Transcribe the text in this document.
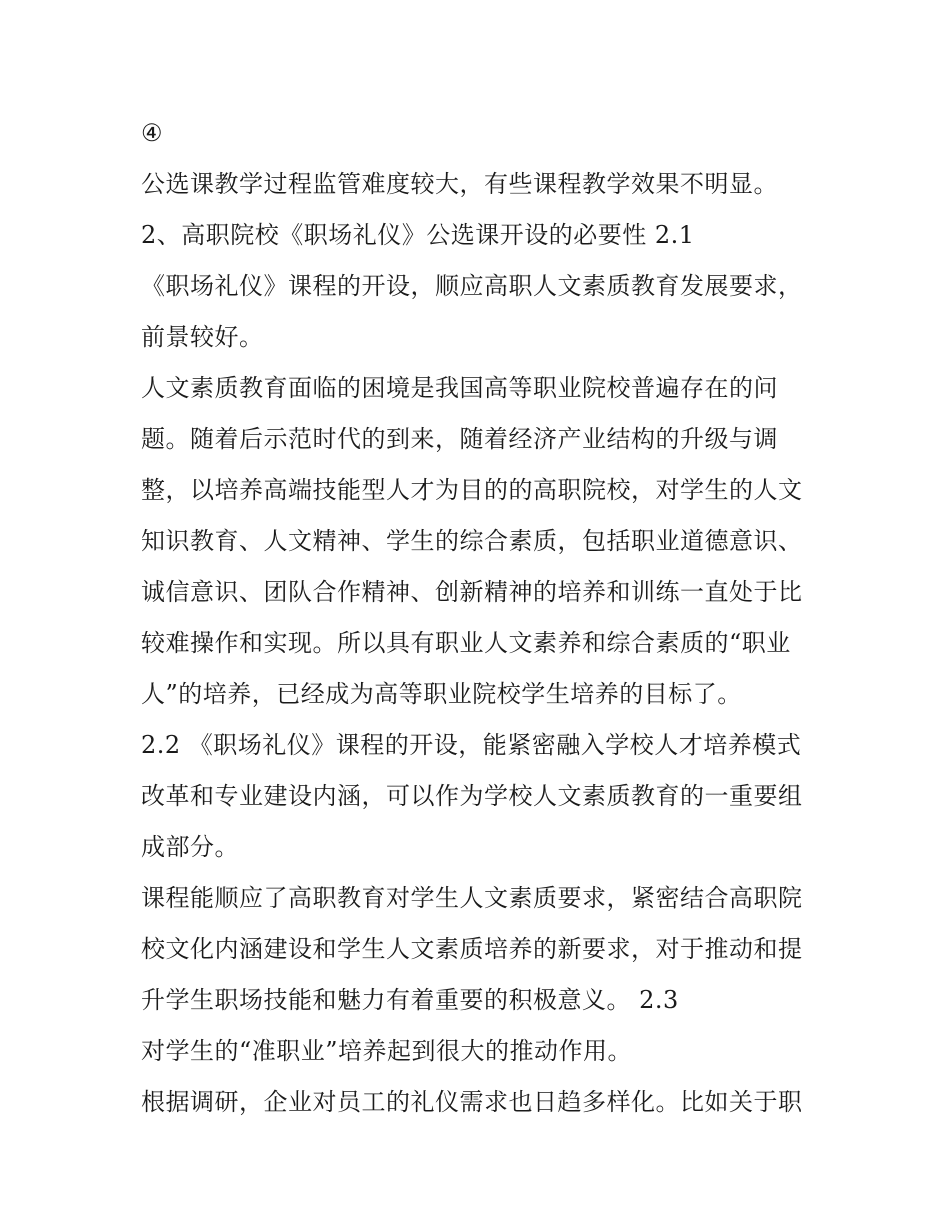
④
公选课教学过程监管难度较大，有些课程教学效果不明显。
2、高职院校《职场礼仪》公选课开设的必要性 2.1
《职场礼仪》课程的开设，顺应高职人文素质教育发展要求，
前景较好。
人文素质教育面临的困境是我国高等职业院校普遍存在的问
题。随着后示范时代的到来，随着经济产业结构的升级与调
整，以培养高端技能型人才为目的的高职院校，对学生的人文
知识教育、人文精神、学生的综合素质，包括职业道德意识、
诚信意识、团队合作精神、创新精神的培养和训练一直处于比
较难操作和实现。所以具有职业人文素养和综合素质的“职业
人”的培养，已经成为高等职业院校学生培养的目标了。
2.2 《职场礼仪》课程的开设，能紧密融入学校人才培养模式
改革和专业建设内涵，可以作为学校人文素质教育的一重要组
成部分。
课程能顺应了高职教育对学生人文素质要求，紧密结合高职院
校文化内涵建设和学生人文素质培养的新要求，对于推动和提
升学生职场技能和魅力有着重要的积极意义。 2.3
对学生的“准职业”培养起到很大的推动作用。
根据调研，企业对员工的礼仪需求也日趋多样化。比如关于职
